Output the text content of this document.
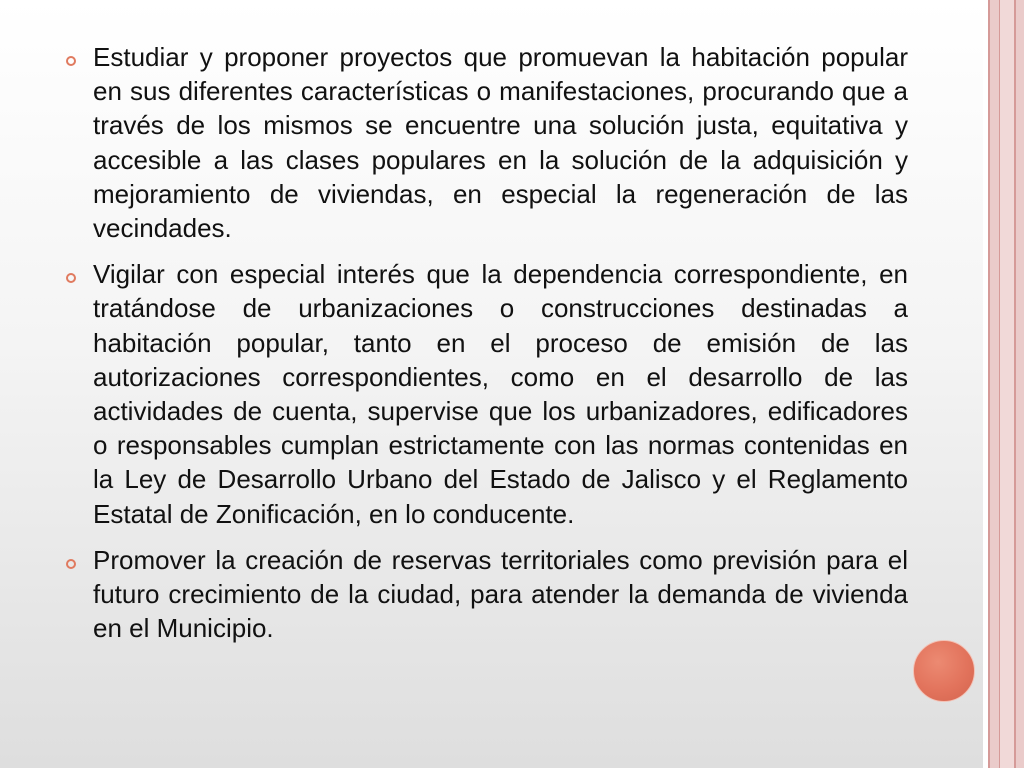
Estudiar y proponer proyectos que promuevan la habitación popular en sus diferentes características o manifestaciones, procurando que a través de los mismos se encuentre una solución justa, equitativa y accesible a las clases populares en la solución de la adquisición y mejoramiento de viviendas, en especial la regeneración de las vecindades.

Vigilar con especial interés que la dependencia correspondiente, en tratándose de urbanizaciones o construcciones destinadas a habitación popular, tanto en el proceso de emisión de las autorizaciones correspondientes, como en el desarrollo de las actividades de cuenta, supervise que los urbanizadores, edificadores o responsables cumplan estrictamente con las normas contenidas en la Ley de Desarrollo Urbano del Estado de Jalisco y el Reglamento Estatal de Zonificación, en lo conducente.

Promover la creación de reservas territoriales como previsión para el futuro crecimiento de la ciudad, para atender la demanda de vivienda en el Municipio.
